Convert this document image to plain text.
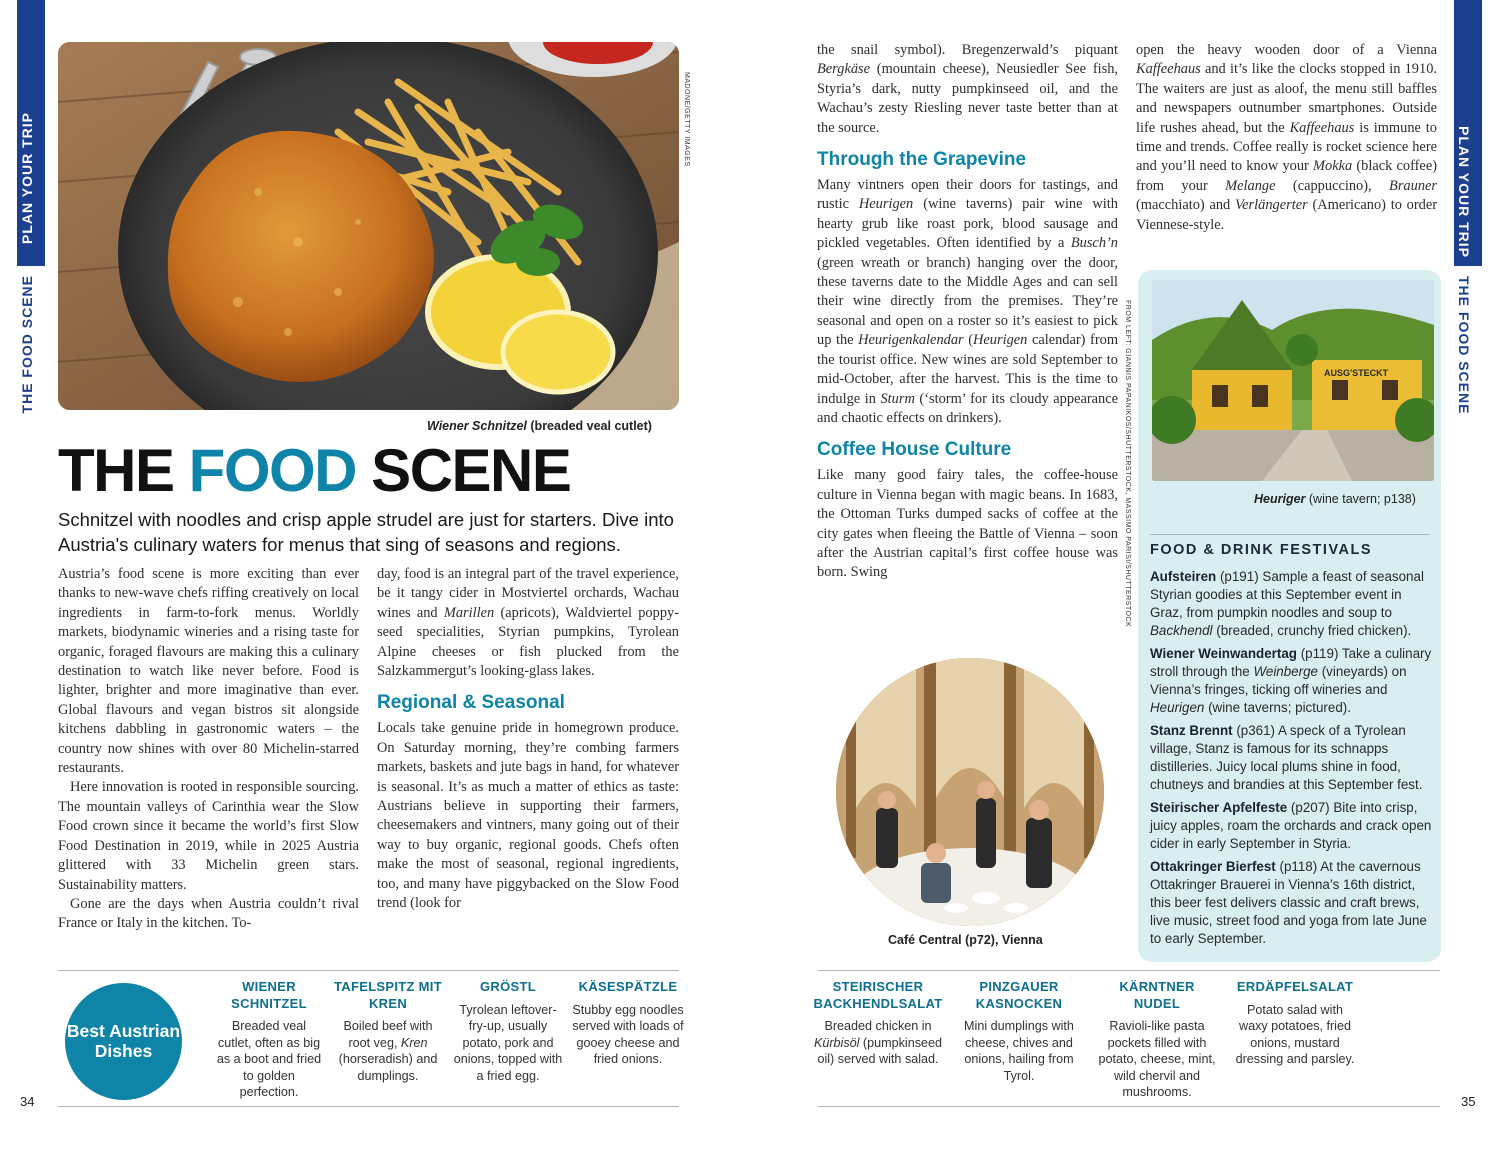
PLAN YOUR TRIP
THE FOOD SCENE
PLAN YOUR TRIP
THE FOOD SCENE
MADONE/GETTY IMAGES
Wiener Schnitzel (breaded veal cutlet)
THE FOOD SCENE
Schnitzel with noodles and crisp apple strudel are just for starters. Dive into Austria's culinary waters for menus that sing of seasons and regions.

Austria’s food scene is more exciting than ever thanks to new-wave chefs riffing creatively on local ingredients in farm-to-fork menus. Worldly markets, biodynamic wineries and a rising taste for organic, foraged flavours are making this a culinary destination to watch like never before. Food is lighter, brighter and more imaginative than ever. Global flavours and vegan bistros sit alongside kitchens dabbling in gastronomic waters – the country now shines with over 80 Michelin-starred restaurants.

Here innovation is rooted in responsible sourcing. The mountain valleys of Carinthia wear the Slow Food crown since it became the world’s first Slow Food Destination in 2019, while in 2025 Austria glittered with 33 Michelin green stars. Sustainability matters.

Gone are the days when Austria couldn’t rival France or Italy in the kitchen. To-

day, food is an integral part of the travel experience, be it tangy cider in Mostviertel orchards, Wachau wines and Marillen (apricots), Waldviertel poppy-seed specialities, Styrian pumpkins, Tyrolean Alpine cheeses or fish plucked from the Salzkammergut’s looking-glass lakes.

Regional & Seasonal

Locals take genuine pride in homegrown produce. On Saturday morning, they’re combing farmers markets, baskets and jute bags in hand, for whatever is seasonal. It’s as much a matter of ethics as taste: Austrians believe in supporting their farmers, cheesemakers and vintners, many going out of their way to buy organic, regional goods. Chefs often make the most of seasonal, regional ingredients, too, and many have piggybacked on the Slow Food trend (look for

the snail symbol). Bregenzerwald’s piquant Bergkäse (mountain cheese), Neusiedler See fish, Styria’s dark, nutty pumpkinseed oil, and the Wachau’s zesty Riesling never taste better than at the source.

Through the Grapevine

Many vintners open their doors for tastings, and rustic Heurigen (wine taverns) pair wine with hearty grub like roast pork, blood sausage and pickled vegetables. Often identified by a Busch’n (green wreath or branch) hanging over the door, these taverns date to the Middle Ages and can sell their wine directly from the premises. They’re seasonal and open on a roster so it’s easiest to pick up the Heurigenkalendar (Heurigen calendar) from the tourist office. New wines are sold September to mid-October, after the harvest. This is the time to indulge in Sturm (‘storm’ for its cloudy appearance and chaotic effects on drinkers).

Coffee House Culture

Like many good fairy tales, the coffee-house culture in Vienna began with magic beans. In 1683, the Ottoman Turks dumped sacks of coffee at the city gates when fleeing the Battle of Vienna – soon after the Austrian capital’s first coffee house was born. Swing

open the heavy wooden door of a Vienna Kaffeehaus and it’s like the clocks stopped in 1910. The waiters are just as aloof, the menu still baffles and newspapers outnumber smartphones. Outside life rushes ahead, but the Kaffeehaus is immune to time and trends. Coffee really is rocket science here and you’ll need to know your Mokka (black coffee) from your Melange (cappuccino), Brauner (macchiato) and Verlängerter (Americano) to order Viennese-style.

FROM LEFT: GIANNIS PAPANIKOS/SHUTTERSTOCK, MASSIMO PARISI/SHUTTERSTOCK
Café Central (p72), Vienna
AUSG'STECKT
Heuriger (wine tavern; p138)
FOOD & DRINK FESTIVALS
Aufsteiren (p191) Sample a feast of seasonal Styrian goodies at this September event in Graz, from pumpkin noodles and soup to Backhendl (breaded, crunchy fried chicken).
Wiener Weinwandertag (p119) Take a culinary stroll through the Weinberge (vineyards) on Vienna’s fringes, ticking off wineries and Heurigen (wine taverns; pictured).
Stanz Brennt (p361) A speck of a Tyrolean village, Stanz is famous for its schnapps distilleries. Juicy local plums shine in food, chutneys and brandies at this September fest.
Steirischer Apfelfeste (p207) Bite into crisp, juicy apples, roam the orchards and crack open cider in early September in Styria.
Ottakringer Bierfest (p118) At the cavernous Ottakringer Brauerei in Vienna’s 16th district, this beer fest delivers classic and craft brews, live music, street food and yoga from late June to early September.
Best Austrian Dishes
WIENER SCHNITZEL
Breaded veal cutlet, often as big as a boot and fried to golden perfection.
TAFELSPITZ MIT KREN
Boiled beef with root veg, Kren (horseradish) and dumplings.
GRÖSTL
Tyrolean leftover-fry-up, usually potato, pork and onions, topped with a fried egg.
KÄSESPÄTZLE
Stubby egg noodles served with loads of gooey cheese and fried onions.
STEIRISCHER BACKHENDLSALAT
Breaded chicken in Kürbisöl (pumpkinseed oil) served with salad.
PINZGAUER KASNOCKEN
Mini dumplings with cheese, chives and onions, hailing from Tyrol.
KÄRNTNER NUDEL
Ravioli-like pasta pockets filled with potato, cheese, mint, wild chervil and mushrooms.
ERDÄPFELSALAT
Potato salad with waxy potatoes, fried onions, mustard dressing and parsley.
34	35
